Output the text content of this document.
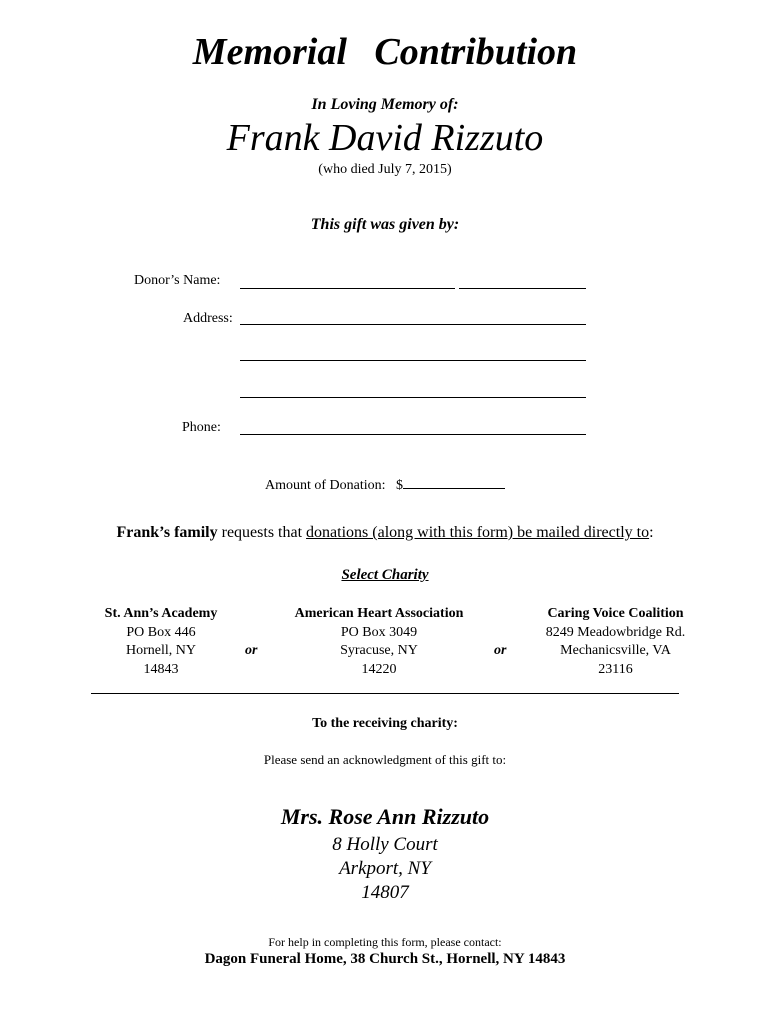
Memorial Contribution
In Loving Memory of:
Frank David Rizzuto
(who died July 7, 2015)
This gift was given by:
Donor’s Name:
Address:
Phone:
Amount of Donation: $
Frank’s family requests that donations (along with this form) be mailed directly to:
Select Charity
St. Ann’s Academy
PO Box 446
Hornell, NY
14843
or
American Heart Association
PO Box 3049
Syracuse, NY
14220
or
Caring Voice Coalition
8249 Meadowbridge Rd.
Mechanicsville, VA
23116
To the receiving charity:
Please send an acknowledgment of this gift to:
Mrs. Rose Ann Rizzuto
8 Holly Court
Arkport, NY
14807
For help in completing this form, please contact:
Dagon Funeral Home, 38 Church St., Hornell, NY 14843
